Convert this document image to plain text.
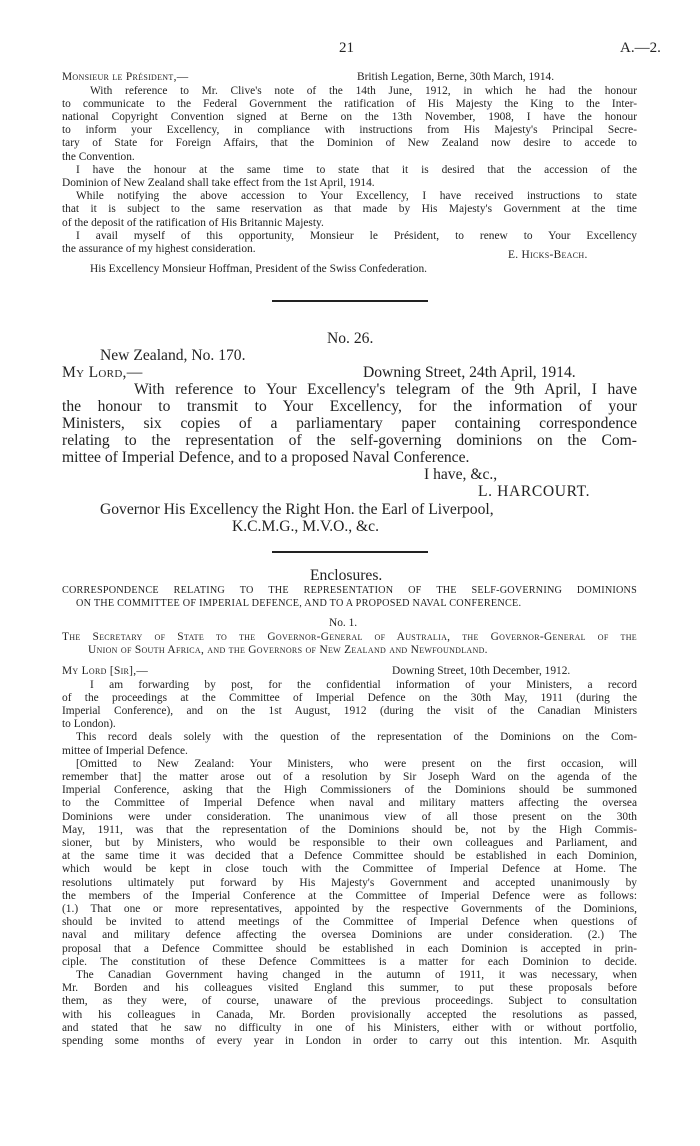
21	A.—2.
Monsieur le Président,—	British Legation, Berne, 30th March, 1914.
With reference to Mr. Clive's note of the 14th June, 1912, in which he had the honour
to communicate to the Federal Government the ratification of His Majesty the King to the Inter-
national Copyright Convention signed at Berne on the 13th November, 1908, I have the honour
to inform your Excellency, in compliance with instructions from His Majesty's Principal Secre-
tary of State for Foreign Affairs, that the Dominion of New Zealand now desire to accede to
the Convention.
I have the honour at the same time to state that it is desired that the accession of the
Dominion of New Zealand shall take effect from the 1st April, 1914.
While notifying the above accession to Your Excellency, I have received instructions to state
that it is subject to the same reservation as that made by His Majesty's Government at the time
of the deposit of the ratification of His Britannic Majesty.
I avail myself of this opportunity, Monsieur le Président, to renew to Your Excellency
the assurance of my highest consideration.	E. Hicks-Beach.
His Excellency Monsieur Hoffman, President of the Swiss Confederation.
No. 26.
New Zealand, No. 170.
My Lord,—	Downing Street, 24th April, 1914.
With reference to Your Excellency's telegram of the 9th April, I have
the honour to transmit to Your Excellency, for the information of your
Ministers, six copies of a parliamentary paper containing correspondence
relating to the representation of the self-governing dominions on the Com-
mittee of Imperial Defence, and to a proposed Naval Conference.
I have, &c.,
L. HARCOURT.
Governor His Excellency the Right Hon. the Earl of Liverpool,
K.C.M.G., M.V.O., &c.
Enclosures.
CORRESPONDENCE RELATING TO THE REPRESENTATION OF THE SELF-GOVERNING DOMINIONS
ON THE COMMITTEE OF IMPERIAL DEFENCE, AND TO A PROPOSED NAVAL CONFERENCE.
No. 1.
The Secretary of State to the Governor-General of Australia, the Governor-General of the
Union of South Africa, and the Governors of New Zealand and Newfoundland.
My Lord [Sir],—	Downing Street, 10th December, 1912.
I am forwarding by post, for the confidential information of your Ministers, a record
of the proceedings at the Committee of Imperial Defence on the 30th May, 1911 (during the
Imperial Conference), and on the 1st August, 1912 (during the visit of the Canadian Ministers
to London).
This record deals solely with the question of the representation of the Dominions on the Com-
mittee of Imperial Defence.
[Omitted to New Zealand: Your Ministers, who were present on the first occasion, will
remember that] the matter arose out of a resolution by Sir Joseph Ward on the agenda of the
Imperial Conference, asking that the High Commissioners of the Dominions should be summoned
to the Committee of Imperial Defence when naval and military matters affecting the oversea
Dominions were under consideration. The unanimous view of all those present on the 30th
May, 1911, was that the representation of the Dominions should be, not by the High Commis-
sioner, but by Ministers, who would be responsible to their own colleagues and Parliament, and
at the same time it was decided that a Defence Committee should be established in each Dominion,
which would be kept in close touch with the Committee of Imperial Defence at Home. The
resolutions ultimately put forward by His Majesty's Government and accepted unanimously by
the members of the Imperial Conference at the Committee of Imperial Defence were as follows:
(1.) That one or more representatives, appointed by the respective Governments of the Dominions,
should be invited to attend meetings of the Committee of Imperial Defence when questions of
naval and military defence affecting the oversea Dominions are under consideration. (2.) The
proposal that a Defence Committee should be established in each Dominion is accepted in prin-
ciple. The constitution of these Defence Committees is a matter for each Dominion to decide.
The Canadian Government having changed in the autumn of 1911, it was necessary, when
Mr. Borden and his colleagues visited England this summer, to put these proposals before
them, as they were, of course, unaware of the previous proceedings. Subject to consultation
with his colleagues in Canada, Mr. Borden provisionally accepted the resolutions as passed,
and stated that he saw no difficulty in one of his Ministers, either with or without portfolio,
spending some months of every year in London in order to carry out this intention. Mr. Asquith
